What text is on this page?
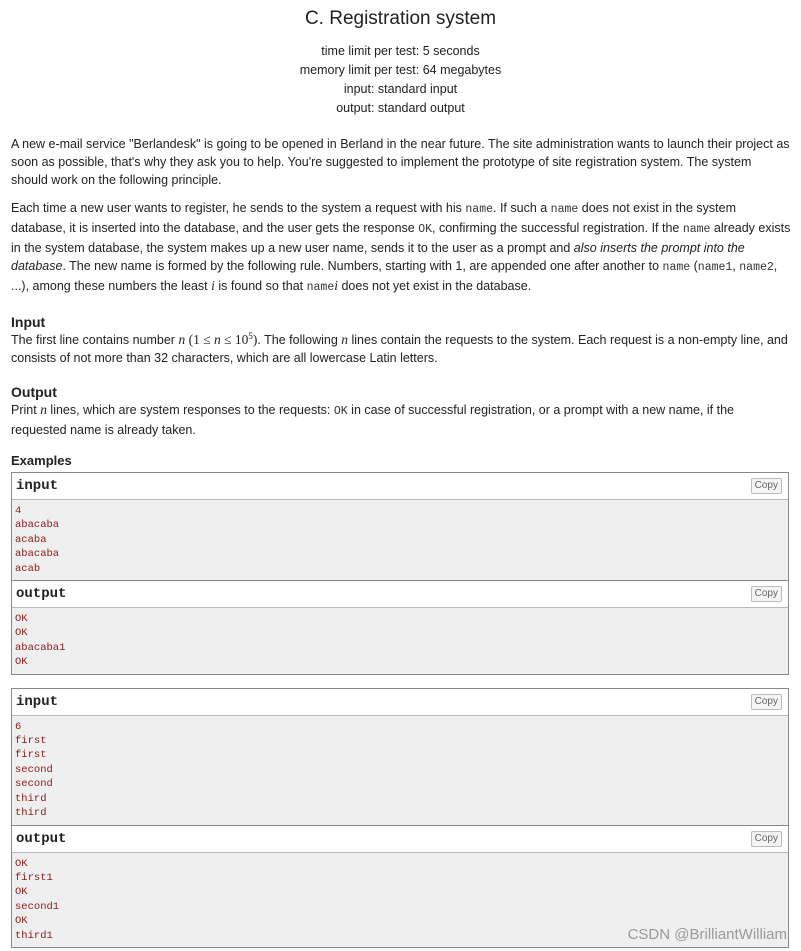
C. Registration system
time limit per test: 5 seconds
memory limit per test: 64 megabytes
input: standard input
output: standard output

A new e-mail service "Berlandesk" is going to be opened in Berland in the near future. The site administration wants to launch their project as soon as possible, that's why they ask you to help. You're suggested to implement the prototype of site registration system. The system should work on the following principle.

Each time a new user wants to register, he sends to the system a request with his name. If such a name does not exist in the system database, it is inserted into the database, and the user gets the response OK, confirming the successful registration. If the name already exists in the system database, the system makes up a new user name, sends it to the user as a prompt and also inserts the prompt into the database. The new name is formed by the following rule. Numbers, starting with 1, are appended one after another to name (name1, name2, ...), among these numbers the least i is found so that namei does not yet exist in the database.

Input

The first line contains number n $(1 \le n \le 10^5)$. The following n lines contain the requests to the system. Each request is a non-empty line, and consists of not more than 32 characters, which are all lowercase Latin letters.

Output

Print n lines, which are system responses to the requests: OK in case of successful registration, or a prompt with a new name, if the requested name is already taken.

Examples
input	Copy
4
abacaba
acaba
abacaba
acab
output	Copy
OK
OK
abacaba1
OK
input	Copy
6
first
first
second
second
third
third
output	Copy
OK
first1
OK
second1
OK
third1	CSDN @BrilliantWilliam
